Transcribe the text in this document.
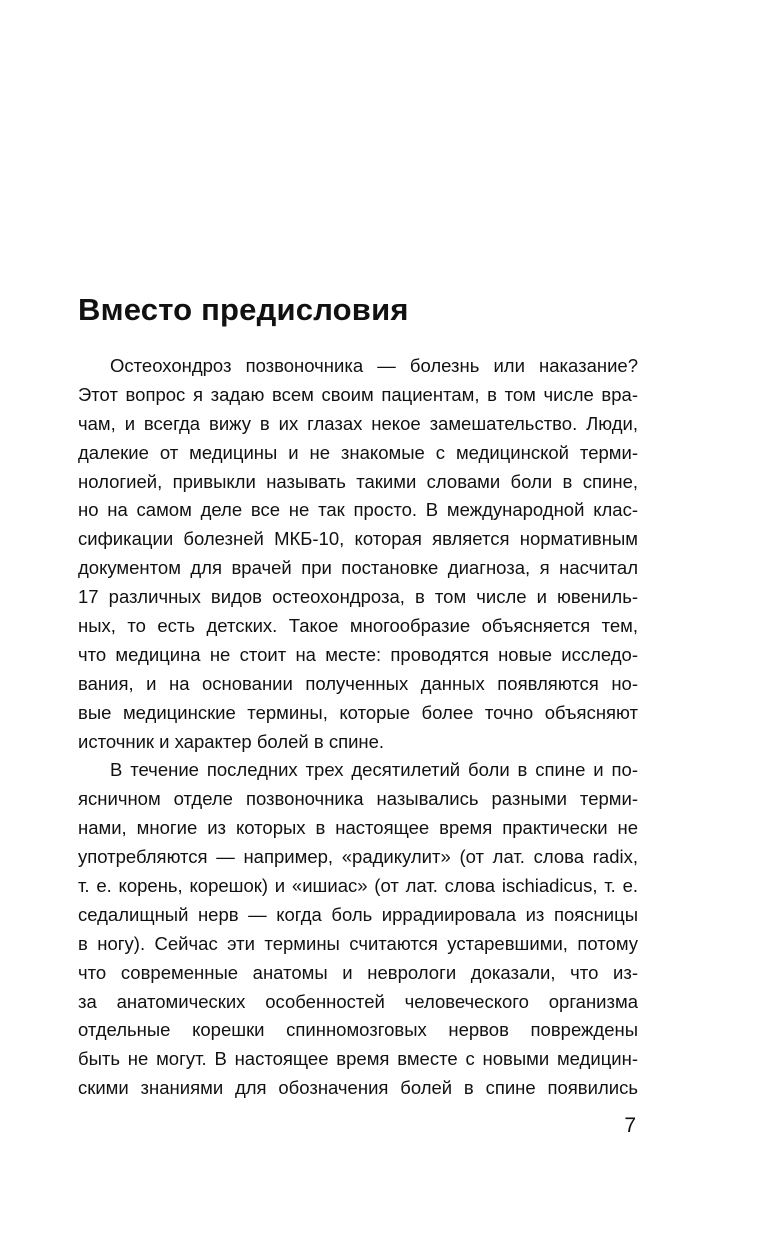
Вместо предисловия
Остеохондроз позвоночника — болезнь или наказание?
Этот вопрос я задаю всем своим пациентам, в том числе вра-
чам, и всегда вижу в их глазах некое замешательство. Люди,
далекие от медицины и не знакомые с медицинской терми-
нологией, привыкли называть такими словами боли в спине,
но на самом деле все не так просто. В международной клас-
сификации болезней МКБ-10, которая является нормативным
документом для врачей при постановке диагноза, я насчитал
17 различных видов остеохондроза, в том числе и ювениль-
ных, то есть детских. Такое многообразие объясняется тем,
что медицина не стоит на месте: проводятся новые исследо-
вания, и на основании полученных данных появляются но-
вые медицинские термины, которые более точно объясняют
источник и характер болей в спине.
В течение последних трех десятилетий боли в спине и по-
ясничном отделе позвоночника назывались разными терми-
нами, многие из которых в настоящее время практически не
употребляются — например, «радикулит» (от лат. слова radix,
т. е. корень, корешок) и «ишиас» (от лат. слова ischiadicus, т. е.
седалищный нерв — когда боль иррадиировала из поясницы
в ногу). Сейчас эти термины считаются устаревшими, потому
что современные анатомы и неврологи доказали, что из-
за анатомических особенностей человеческого организма
отдельные корешки спинномозговых нервов повреждены
быть не могут. В настоящее время вместе с новыми медицин-
скими знаниями для обозначения болей в спине появились
7
